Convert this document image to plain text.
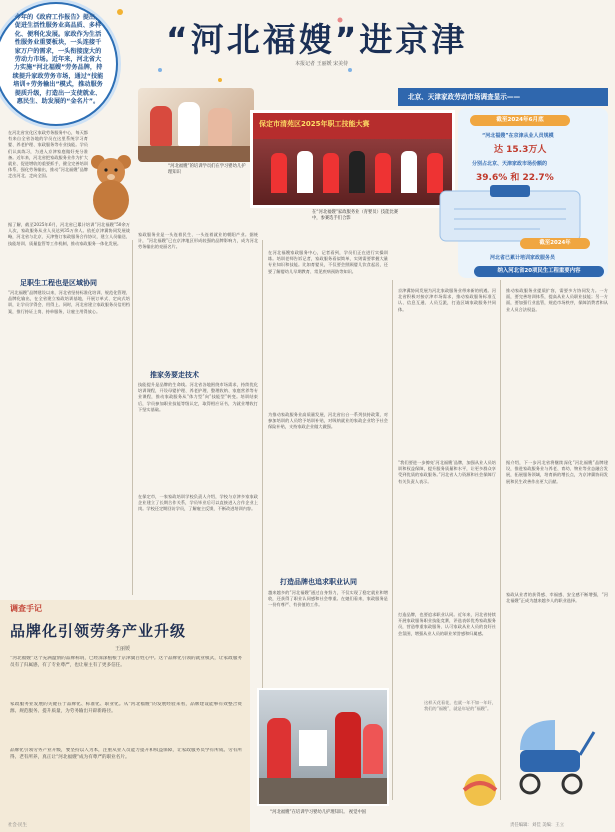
今年的《政府工作报告》提出，促进生活性服务业高品质、多样化、便利化发展。家政作为生活性服务业重要板块，一头连接千家万户的需求，一头衔接庞大的劳动力市场。近年来，河北省大力实施“河北福嫂”劳务品牌，持续提升家政劳务市场，通过“技能培训+劳务输出”模式，推动服务提质升级，打造出一支使就业、惠民生、助发展的“金名片”。
“河北福嫂”进京津
本报记者 王丽媛 宋美侍
“河北福嫂”的培训学员们在学习婴幼儿护理知识
保定市清苑区2025年职工技能大赛
在“河北福嫂”家政服务业（育婴员）技能比赛中，参赛选手们合影
北京、天津家政劳动市场调查显示——
截至2024年6月底
“河北福嫂”在京津从业人员规模
达 15.3万人
分别占北京、天津家政市场份额的
39.6% 和 22.7%
截至2024年
河北省已累计培训家政服务员
纳入河北省20项民生工程重要内容
足职生工程也是区域协同
推家务要走技术
打造品牌也追求职业认同
在河北省宣化区家政劳务服务中心，每天都有来自全省各地的学员在这里系统学习育婴、养老护理、家政服务等专业技能。学员们认真练习，为进入京津家庭做好充分准备。近年来，河北省把家政服务业作为扩大就业、促进增收的重要抓手，健全完善培训体系，强化劳务输出，推动“河北福嫂”品牌走出河北、走向全国。
据了解，截至2025年6月，河北省已累计培训“河北福嫂”50余万人次，家政服务从业人员达到35万余人。依托京津冀协同发展战略，河北省与北京、天津签订家政服务合作协议，建立人员输送、技能培训、质量监管等工作机制，推动家政服务一体化发展。
“河北福嫂”品牌建设以来，河北省坚持标准化培训、规范化管理、品牌化输出，在全省建立家政培训基地，开展订单式、定向式培训，让学员学得会、用得上。同时，河北省建立家政服务员信用档案，推行持证上岗、持单服务，让雇主用得放心。
家政服务业是一头连着民生、一头连着就业的朝阳产业。据统计，“河北福嫂”已在京津地区形成较强的品牌影响力，成为河北劳务输出的亮丽名片。
技能提升是品牌的生命线。河北省各地围绕市场需求，持续优化培训课程，开设母婴护理、养老护理、整理收纳、家庭营养等专业课程，推动家政服务从“体力型”向“技能型”转变。培训结束后，学员参加职业技能等级认定，取得相应证书，为就业增收打下坚实基础。
在保定市，一家家政培训学校负责人介绍，学校与京津多家家政企业建立了长期合作关系，学员毕业后可以直接进入合作企业上岗。学校还定期回访学员，了解雇主反馈，不断改进培训内容。
在河北福嫂家政服务中心，记者看到，学员们正在进行实操训练。培训老师告诉记者，家政服务看似简单，实则需要掌握大量专业知识和技能。比如育婴员，不仅要会照顾婴儿饮食起居，还要了解婴幼儿早期教育、常见疾病预防等知识。
为推动家政服务业高质量发展，河北省出台一系列扶持政策，对参加培训的人员给予培训补贴，对吸纳就业的家政企业给予社会保险补贴，支持家政企业做大做强。
越来越多的“河北福嫂”通过自身努力，不仅实现了稳定就业和增收，还获得了职业认同感和社会尊重。在她们看来，家政服务是一份有尊严、有价值的工作。
京津冀协同发展为河北家政服务业带来新的机遇。河北省积极对接京津市场需求，推动家政服务标准互认、信息互通、人员互派，打造区域家政服务共同体。
“我们要进一步擦亮‘河北福嫂’品牌，加强从业人员培训和权益保障，提升服务质量和水平，让更多群众享受到优质的家政服务。”河北省人力资源和社会保障厅有关负责人表示。
打造品牌，也要追求职业认同。近年来，河北省持续开展家政服务职业技能竞赛，评选表彰优秀家政服务员，营造尊重家政服务、认可家政从业人员的良好社会氛围，增强从业人员的职业荣誉感和归属感。
推动家政服务业提质扩容，需要多方协同发力。一方面，要完善培训体系，提高从业人员职业技能；另一方面，要加强行业监管，规范市场秩序，保障消费者和从业人员合法权益。
据介绍，下一步河北省将继续深化“河北福嫂”品牌建设，推进家政服务业与养老、育幼、物业等业态融合发展，拓展服务领域，培育新的增长点，为京津冀协同发展和民生改善作出更大贡献。
家政从业者的获得感、幸福感、安全感不断增强，“河北福嫂”正成为越来越多人的职业选择。
这样天花看花，也就一年不如一年好，我们的“福嫂”，就是年轻的“福嫂”。
“河北福嫂”在培训学习婴幼儿护理知识。 视觉中国
调查手记
品牌化引领劳务产业升级
王丽媛
“河北福嫂”这个充满温情的品牌称谓，已经深深植根于京津冀百姓心中。这个品牌化引领的就业模式，让家政服务员有了归属感，有了专业尊严，也让雇主有了更多信任。
家政服务业发展的关键在于品牌化、标准化、职业化。从“河北福嫂”的发展经验来看，品牌建设能够有效整合资源、规范服务、提升质量，为劳务输出开辟新路径。
品牌化引领劳务产业升级，要坚持以人为本，注重从业人员能力提升和权益保障，让家政服务员学有所成、劳有所得、老有所养，真正让“河北福嫂”成为有尊严的职业名片。
社会·民生	责任编辑：刘佳 美编：王立
